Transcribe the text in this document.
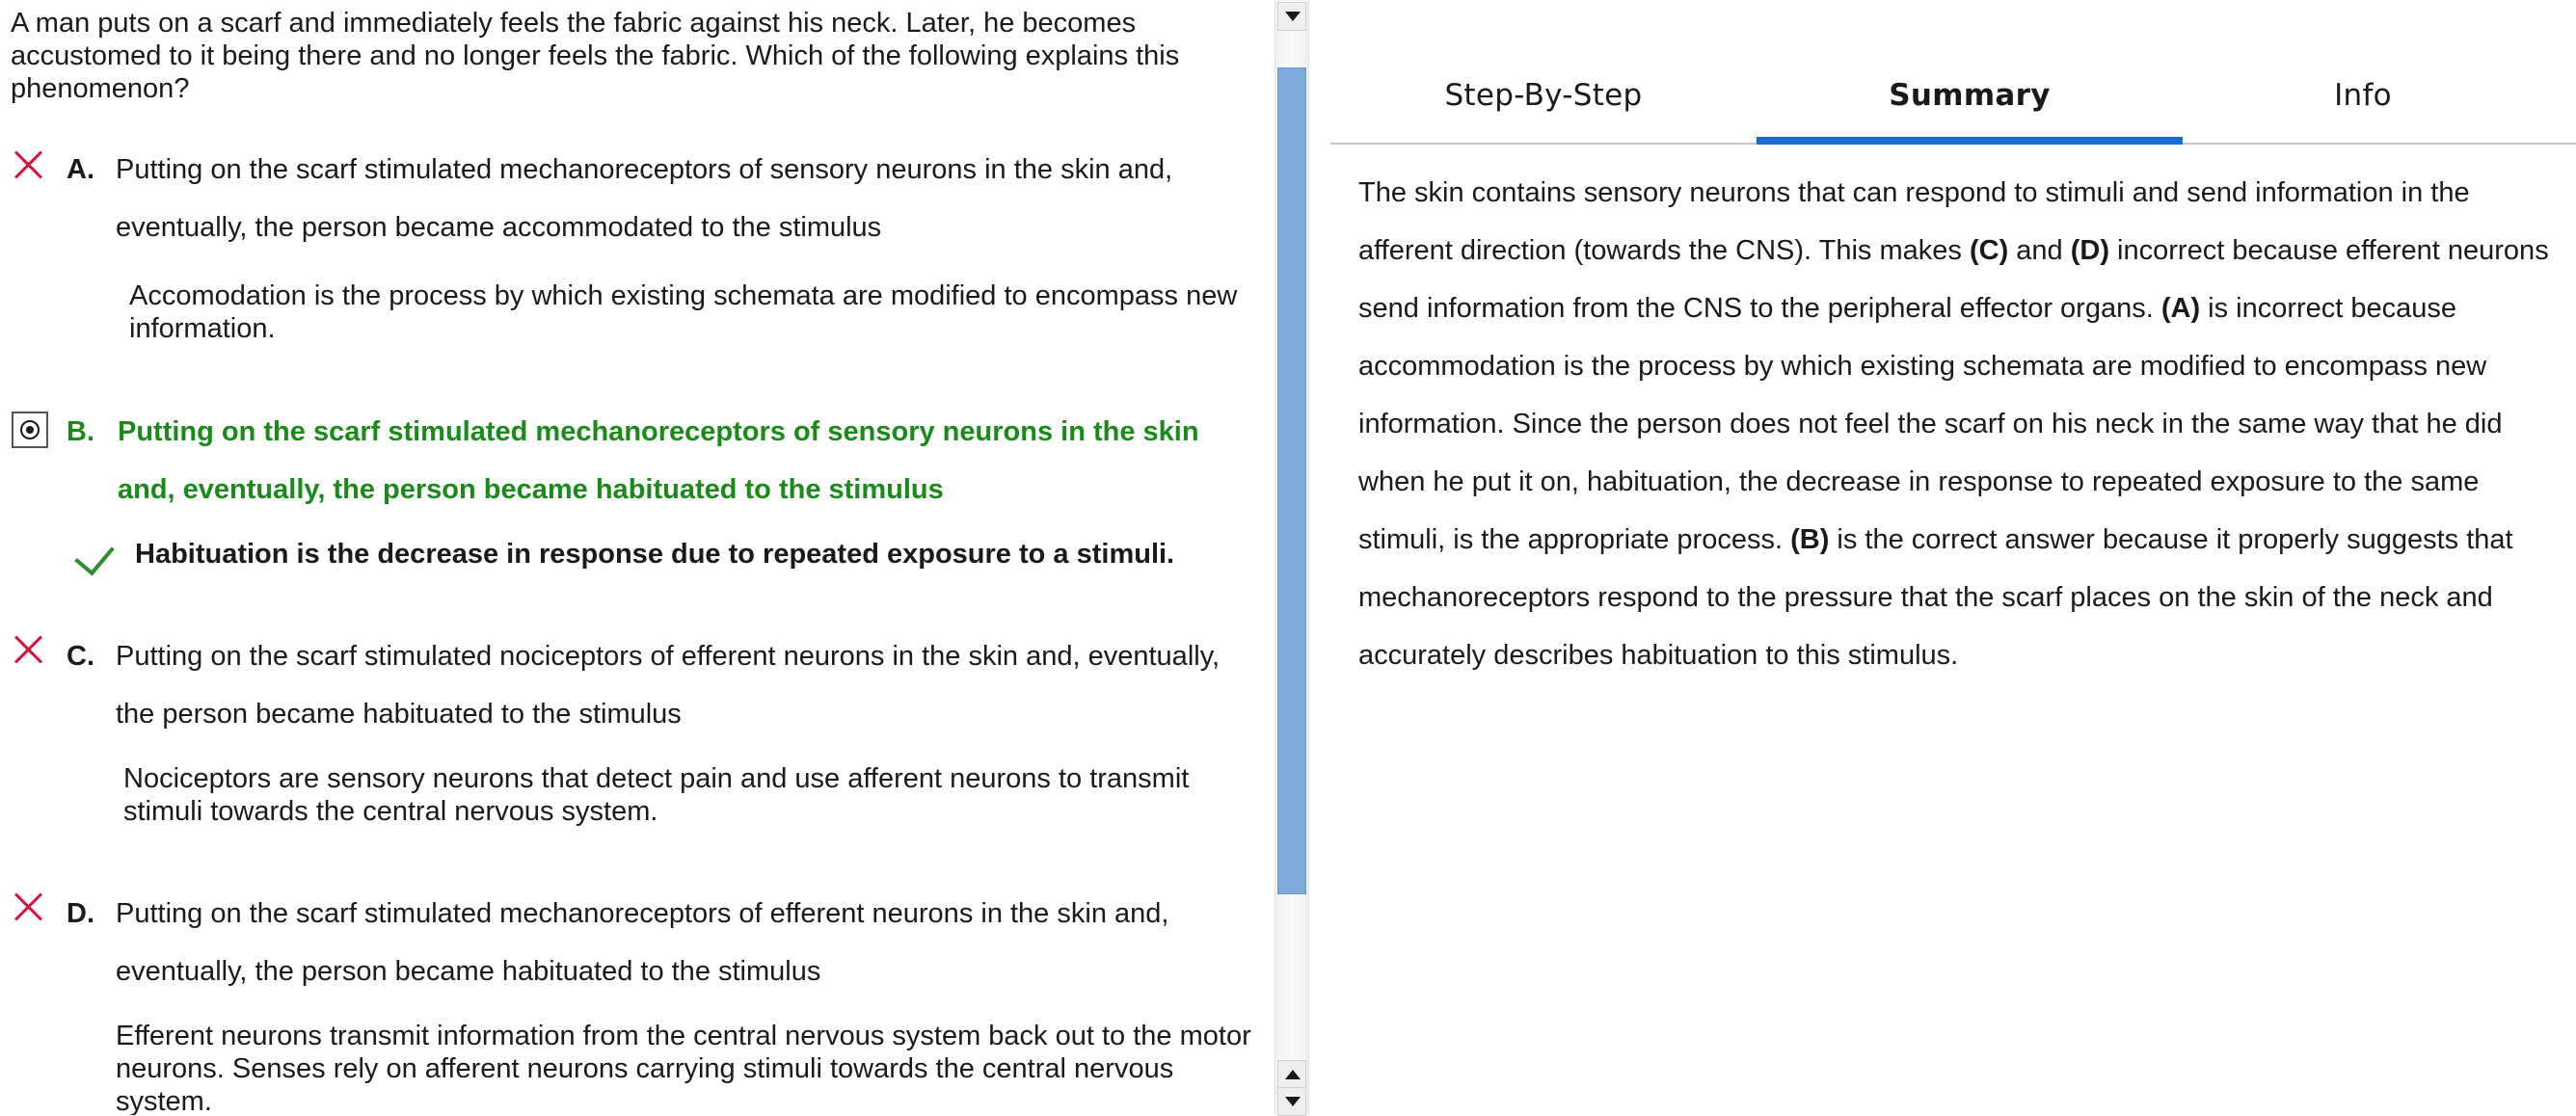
A man puts on a scarf and immediately feels the fabric against his neck. Later, he becomes accustomed to it being there and no longer feels the fabric. Which of the following explains this phenomenon?
A. Putting on the scarf stimulated mechanoreceptors of sensory neurons in the skin and, eventually, the person became accommodated to the stimulus
Accomodation is the process by which existing schemata are modified to encompass new information.
B. Putting on the scarf stimulated mechanoreceptors of sensory neurons in the skin and, eventually, the person became habituated to the stimulus
Habituation is the decrease in response due to repeated exposure to a stimuli.
C. Putting on the scarf stimulated nociceptors of efferent neurons in the skin and, eventually, the person became habituated to the stimulus
Nociceptors are sensory neurons that detect pain and use afferent neurons to transmit stimuli towards the central nervous system.
D. Putting on the scarf stimulated mechanoreceptors of efferent neurons in the skin and, eventually, the person became habituated to the stimulus
Efferent neurons transmit information from the central nervous system back out to the motor neurons. Senses rely on afferent neurons carrying stimuli towards the central nervous system.
Step-By-Step	Summary	Info
The skin contains sensory neurons that can respond to stimuli and send information in the afferent direction (towards the CNS). This makes (C) and (D) incorrect because efferent neurons send information from the CNS to the peripheral effector organs. (A) is incorrect because accommodation is the process by which existing schemata are modified to encompass new information. Since the person does not feel the scarf on his neck in the same way that he did when he put it on, habituation, the decrease in response to repeated exposure to the same stimuli, is the appropriate process. (B) is the correct answer because it properly suggests that mechanoreceptors respond to the pressure that the scarf places on the skin of the neck and accurately describes habituation to this stimulus.
